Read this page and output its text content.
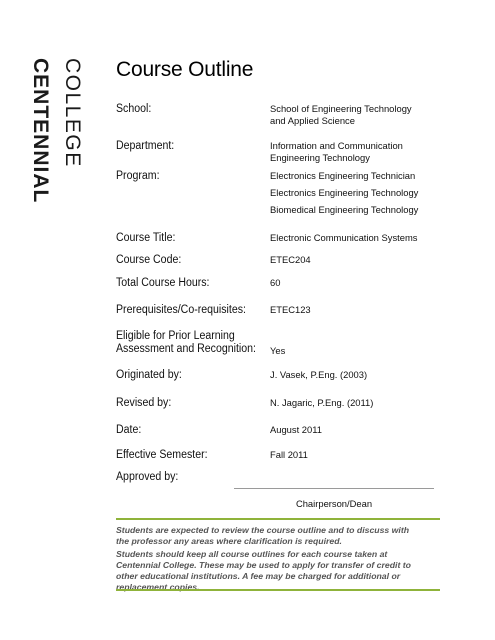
COLLEGE
CENTENNIAL	Course Outline
School:	School of Engineering Technology
and Applied Science
Department:	Information and Communication
Engineering Technology
Program:	Electronics Engineering Technician
Electronics Engineering Technology
Biomedical Engineering Technology
Course Title:	Electronic Communication Systems
Course Code:	ETEC204
Total Course Hours:	60
Prerequisites/Co-requisites:	ETEC123
Eligible for Prior Learning
Assessment and Recognition: Yes
Originated by:	J. Vasek, P.Eng. (2003)
Revised by:	N. Jagaric, P.Eng. (2011)
Date:	August 2011
Effective Semester:	Fall 2011
Approved by:
Chairperson/Dean
Students are expected to review the course outline and to discuss with the professor any areas where clarification is required.
Students should keep all course outlines for each course taken at Centennial College. These may be used to apply for transfer of credit to other educational institutions. A fee may be charged for additional or replacement copies.
